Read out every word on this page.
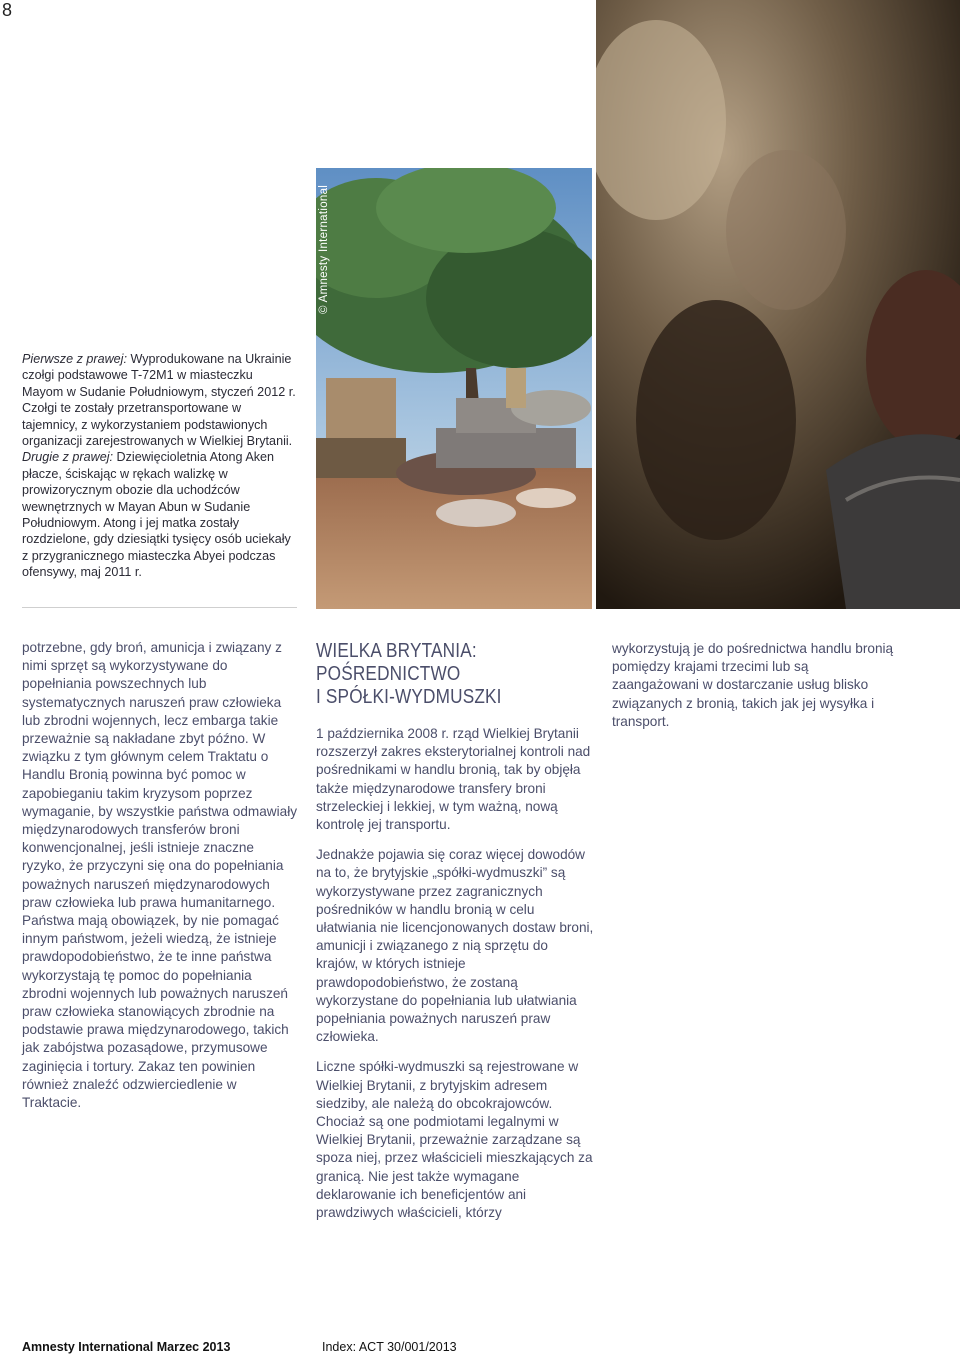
8

Pierwsze z prawej: Wyprodukowane na Ukrainie czołgi podstawowe T-72M1 w miasteczku Mayom w Sudanie Południowym, styczeń 2012 r. Czołgi te zostały przetransportowane w tajemnicy, z wykorzystaniem podstawionych organizacji zarejestrowanych w Wielkiej Brytanii.

Drugie z prawej: Dziewięcioletnia Atong Aken płacze, ściskając w rękach walizkę w prowizorycznym obozie dla uchodźców wewnętrznych w Mayan Abun w Sudanie Południowym. Atong i jej matka zostały rozdzielone, gdy dziesiątki tysięcy osób uciekały z przygranicznego miasteczka Abyei podczas ofensywy, maj 2011 r.

© Amnesty International

potrzebne, gdy broń, amunicja i związany z nimi sprzęt są wykorzystywane do popełniania powszechnych lub systematycznych naruszeń praw człowieka lub zbrodni wojennych, lecz embarga takie przeważnie są nakładane zbyt późno. W związku z tym głównym celem Traktatu o Handlu Bronią powinna być pomoc w zapobieganiu takim kryzysom poprzez wymaganie, by wszystkie państwa odmawiały międzynarodowych transferów broni konwencjonalnej, jeśli istnieje znaczne ryzyko, że przyczyni się ona do popełniania poważnych naruszeń międzynarodowych praw człowieka lub prawa humanitarnego. Państwa mają obowiązek, by nie pomagać innym państwom, jeżeli wiedzą, że istnieje prawdopodobieństwo, że te inne państwa wykorzystają tę pomoc do popełniania zbrodni wojennych lub poważnych naruszeń praw człowieka stanowiących zbrodnie na podstawie prawa międzynarodowego, takich jak zabójstwa pozasądowe, przymusowe zaginięcia i tortury. Zakaz ten powinien również znaleźć odzwierciedlenie w Traktacie.

WIELKA BRYTANIA:
POŚREDNICTWO
I SPÓŁKI-WYDMUSZKI

1 października 2008 r. rząd Wielkiej Brytanii rozszerzył zakres eksterytorialnej kontroli nad pośrednikami w handlu bronią, tak by objęła także międzynarodowe transfery broni strzeleckiej i lekkiej, w tym ważną, nową kontrolę jej transportu.

Jednakże pojawia się coraz więcej dowodów na to, że brytyjskie „spółki-wydmuszki” są wykorzystywane przez zagranicznych pośredników w handlu bronią w celu ułatwiania nie licencjonowanych dostaw broni, amunicji i związanego z nią sprzętu do krajów, w których istnieje prawdopodobieństwo, że zostaną wykorzystane do popełniania lub ułatwiania popełniania poważnych naruszeń praw człowieka.

Liczne spółki-wydmuszki są rejestrowane w Wielkiej Brytanii, z brytyjskim adresem siedziby, ale należą do obcokrajowców. Chociaż są one podmiotami legalnymi w Wielkiej Brytanii, przeważnie zarządzane są spoza niej, przez właścicieli mieszkających za granicą. Nie jest także wymagane deklarowanie ich beneficjentów ani prawdziwych właścicieli, którzy

wykorzystują je do pośrednictwa handlu bronią pomiędzy krajami trzecimi lub są zaangażowani w dostarczanie usług blisko związanych z bronią, takich jak jej wysyłka i transport.

Amnesty International Marzec 2013	Index: ACT 30/001/2013
